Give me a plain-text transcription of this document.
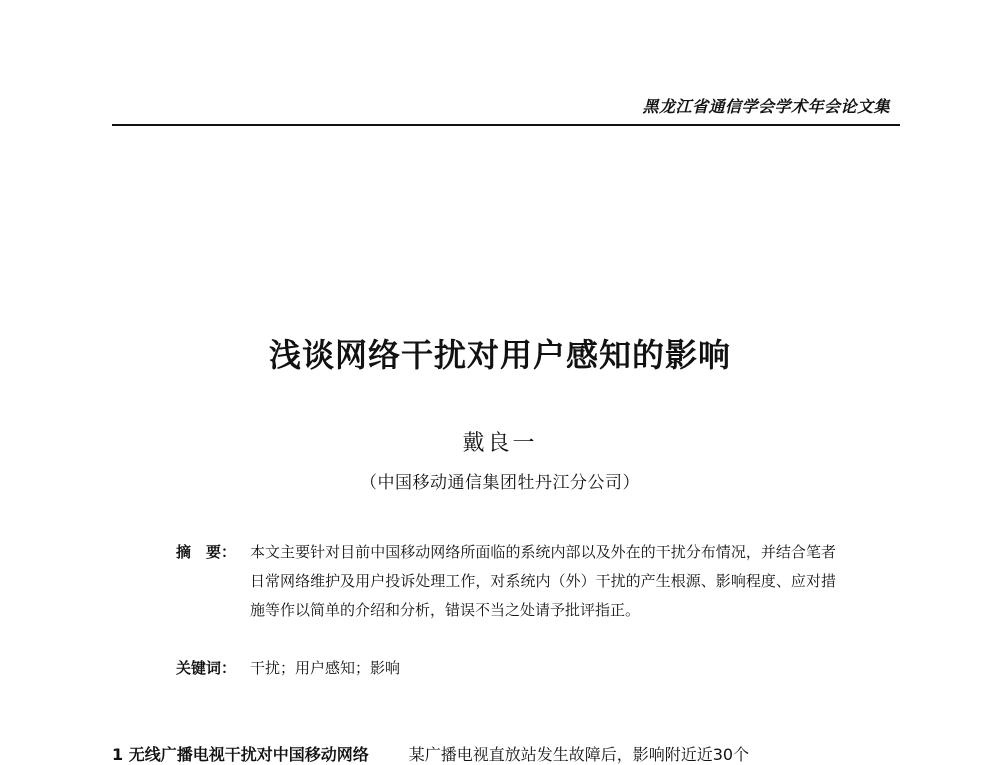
黑龙江省通信学会学术年会论文集
浅谈网络干扰对用户感知的影响
戴良一
（中国移动通信集团牡丹江分公司）
摘　要： 本文主要针对目前中国移动网络所面临的系统内部以及外在的干扰分布情况，并结合笔者日常网络维护及用户投诉处理工作，对系统内（外）干扰的产生根源、影响程度、应对措施等作以简单的介绍和分析，错误不当之处请予批评指正。
关键词： 干扰；用户感知；影响
1 无线广播电视干扰对中国移动网络	某广播电视直放站发生故障后，影响附近近30个
